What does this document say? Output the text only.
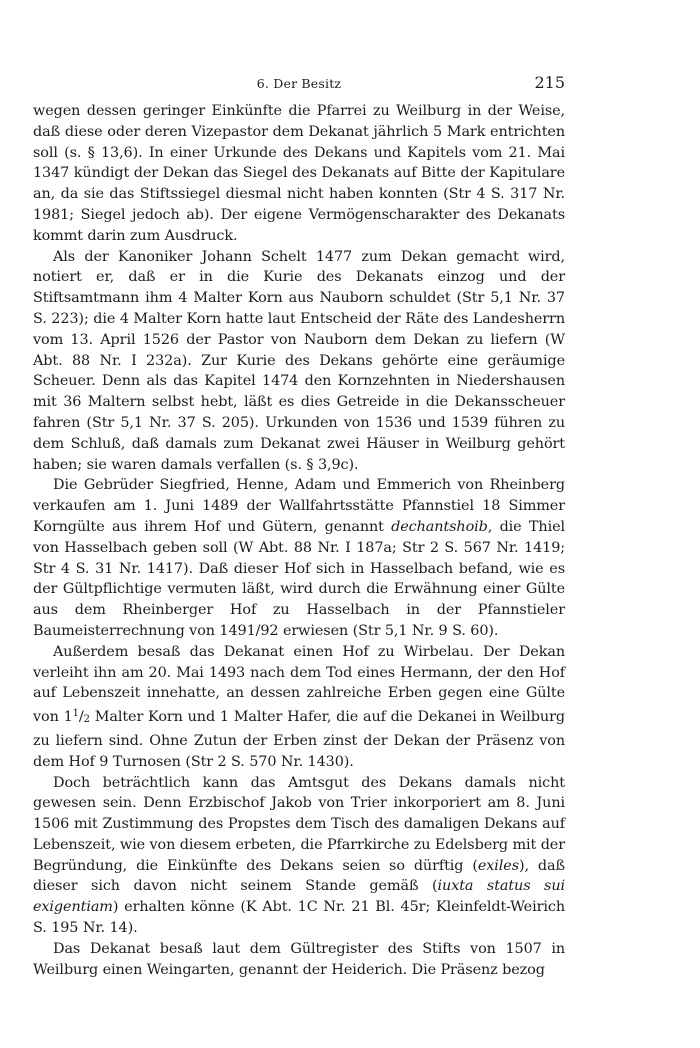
6. Der Besitz	215

wegen dessen geringer Einkünfte die Pfarrei zu Weilburg in der Weise, daß diese oder deren Vizepastor dem Dekanat jährlich 5 Mark entrichten soll (s. § 13,6). In einer Urkunde des Dekans und Kapitels vom 21. Mai 1347 kündigt der Dekan das Siegel des Dekanats auf Bitte der Kapitulare an, da sie das Stiftssiegel diesmal nicht haben konnten (Str 4 S. 317 Nr. 1981; Siegel jedoch ab). Der eigene Vermögenscharakter des Dekanats kommt darin zum Ausdruck.

Als der Kanoniker Johann Schelt 1477 zum Dekan gemacht wird, notiert er, daß er in die Kurie des Dekanats einzog und der Stiftsamtmann ihm 4 Malter Korn aus Nauborn schuldet (Str 5,1 Nr. 37 S. 223); die 4 Malter Korn hatte laut Entscheid der Räte des Landesherrn vom 13. April 1526 der Pastor von Nauborn dem Dekan zu liefern (W Abt. 88 Nr. I 232a). Zur Kurie des Dekans gehörte eine geräumige Scheuer. Denn als das Kapitel 1474 den Kornzehnten in Niedershausen mit 36 Maltern selbst hebt, läßt es dies Getreide in die Dekansscheuer fahren (Str 5,1 Nr. 37 S. 205). Urkunden von 1536 und 1539 führen zu dem Schluß, daß damals zum Dekanat zwei Häuser in Weilburg gehört haben; sie waren damals verfallen (s. § 3,9c).

Die Gebrüder Siegfried, Henne, Adam und Emmerich von Rheinberg verkaufen am 1. Juni 1489 der Wallfahrtsstätte Pfannstiel 18 Simmer Korngülte aus ihrem Hof und Gütern, genannt dechantshoib, die Thiel von Hasselbach geben soll (W Abt. 88 Nr. I 187a; Str 2 S. 567 Nr. 1419; Str 4 S. 31 Nr. 1417). Daß dieser Hof sich in Hasselbach befand, wie es der Gültpflichtige vermuten läßt, wird durch die Erwähnung einer Gülte aus dem Rheinberger Hof zu Hasselbach in der Pfannstieler Baumeisterrechnung von 1491/92 erwiesen (Str 5,1 Nr. 9 S. 60).

Außerdem besaß das Dekanat einen Hof zu Wirbelau. Der Dekan verleiht ihn am 20. Mai 1493 nach dem Tod eines Hermann, der den Hof auf Lebenszeit innehatte, an dessen zahlreiche Erben gegen eine Gülte von $1^1/2$ Malter Korn und 1 Malter Hafer, die auf die Dekanei in Weilburg zu liefern sind. Ohne Zutun der Erben zinst der Dekan der Präsenz von dem Hof 9 Turnosen (Str 2 S. 570 Nr. 1430).

Doch beträchtlich kann das Amtsgut des Dekans damals nicht gewesen sein. Denn Erzbischof Jakob von Trier inkorporiert am 8. Juni 1506 mit Zustimmung des Propstes dem Tisch des damaligen Dekans auf Lebenszeit, wie von diesem erbeten, die Pfarrkirche zu Edelsberg mit der Begründung, die Einkünfte des Dekans seien so dürftig (exiles), daß dieser sich davon nicht seinem Stande gemäß (iuxta status sui exigentiam) erhalten könne (K Abt. 1C Nr. 21 Bl. 45r; Kleinfeldt-Weirich S. 195 Nr. 14).

Das Dekanat besaß laut dem Gültregister des Stifts von 1507 in Weilburg einen Weingarten, genannt der Heiderich. Die Präsenz bezog
